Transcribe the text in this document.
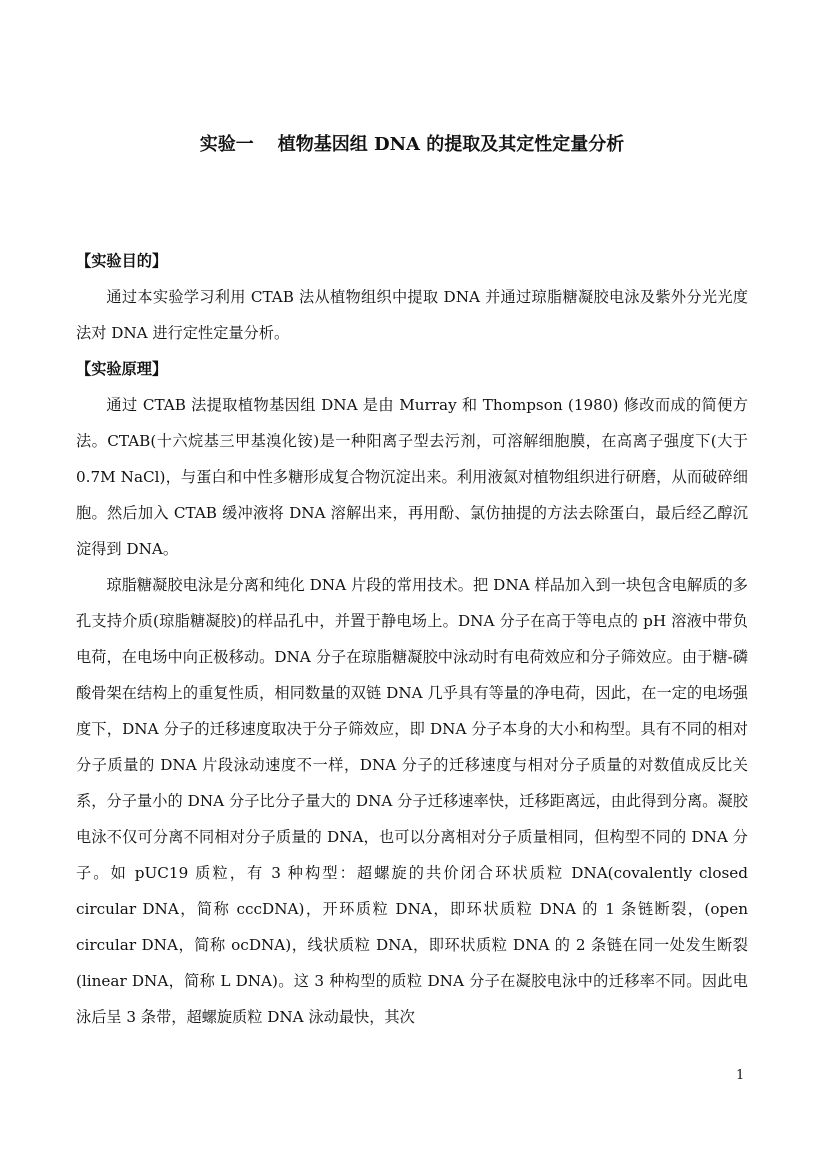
实验一 植物基因组 DNA 的提取及其定性定量分析

【实验目的】

通过本实验学习利用 CTAB 法从植物组织中提取 DNA 并通过琼脂糖凝胶电泳及紫外分光光度法对 DNA 进行定性定量分析。

【实验原理】

通过 CTAB 法提取植物基因组 DNA 是由 Murray 和 Thompson (1980) 修改而成的简便方法。CTAB(十六烷基三甲基溴化铵)是一种阳离子型去污剂，可溶解细胞膜，在高离子强度下(大于 0.7M NaCl)，与蛋白和中性多糖形成复合物沉淀出来。利用液氮对植物组织进行研磨，从而破碎细胞。然后加入 CTAB 缓冲液将 DNA 溶解出来，再用酚、氯仿抽提的方法去除蛋白，最后经乙醇沉淀得到 DNA。

琼脂糖凝胶电泳是分离和纯化 DNA 片段的常用技术。把 DNA 样品加入到一块包含电解质的多孔支持介质(琼脂糖凝胶)的样品孔中，并置于静电场上。DNA 分子在高于等电点的 pH 溶液中带负电荷，在电场中向正极移动。DNA 分子在琼脂糖凝胶中泳动时有电荷效应和分子筛效应。由于糖-磷酸骨架在结构上的重复性质，相同数量的双链 DNA 几乎具有等量的净电荷，因此，在一定的电场强度下，DNA 分子的迁移速度取决于分子筛效应，即 DNA 分子本身的大小和构型。具有不同的相对分子质量的 DNA 片段泳动速度不一样，DNA 分子的迁移速度与相对分子质量的对数值成反比关系，分子量小的 DNA 分子比分子量大的 DNA 分子迁移速率快，迁移距离远，由此得到分离。凝胶电泳不仅可分离不同相对分子质量的 DNA，也可以分离相对分子质量相同，但构型不同的 DNA 分子。如 pUC19 质粒，有 3 种构型：超螺旋的共价闭合环状质粒 DNA(covalently closed circular DNA，简称 cccDNA)，开环质粒 DNA，即环状质粒 DNA 的 1 条链断裂，(open circular DNA，简称 ocDNA)，线状质粒 DNA，即环状质粒 DNA 的 2 条链在同一处发生断裂(linear DNA，简称 L DNA)。这 3 种构型的质粒 DNA 分子在凝胶电泳中的迁移率不同。因此电泳后呈 3 条带，超螺旋质粒 DNA 泳动最快，其次

1
